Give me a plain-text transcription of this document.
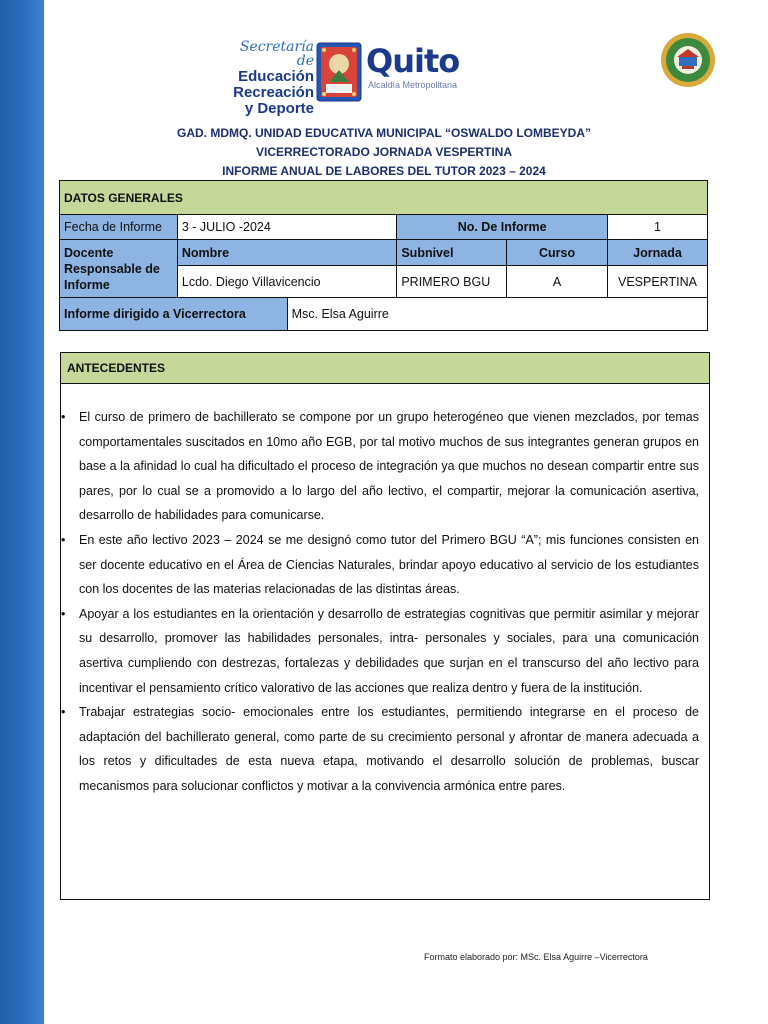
Secretaría de
Educación
Recreación
y Deporte
Quito
Alcaldía Metropolitana
GAD. MDMQ. UNIDAD EDUCATIVA MUNICIPAL “OSWALDO LOMBEYDA”
VICERRECTORADO JORNADA VESPERTINA
INFORME ANUAL DE LABORES DEL TUTOR 2023 – 2024
DATOS GENERALES					
Fecha de Informe	3 - JULIO -2024		No. De Informe		1
Docente Responsable de Informe	Nombre		Subnivel	Curso	Jornada
	Lcdo. Diego Villavicencio		PRIMERO BGU	A	VESPERTINA
Informe dirigido a Vicerrectora		Msc. Elsa Aguirre			
ANTECEDENTES

• El curso de primero de bachillerato se compone por un grupo heterogéneo que vienen mezclados, por temas comportamentales suscitados en 10mo año EGB, por tal motivo muchos de sus integrantes generan grupos en base a la afinidad lo cual ha dificultado el proceso de integración ya que muchos no desean compartir entre sus pares, por lo cual se a promovido a lo largo del año lectivo, el compartir, mejorar la comunicación asertiva, desarrollo de habilidades para comunicarse.

• En este año lectivo 2023 – 2024 se me designó como tutor del Primero BGU “A”; mis funciones consisten en ser docente educativo en el Área de Ciencias Naturales, brindar apoyo educativo al servicio de los estudiantes con los docentes de las materias relacionadas de las distintas áreas.

• Apoyar a los estudiantes en la orientación y desarrollo de estrategias cognitivas que permitir asimilar y mejorar su desarrollo, promover las habilidades personales, intra- personales y sociales, para una comunicación asertiva cumpliendo con destrezas, fortalezas y debilidades que surjan en el transcurso del año lectivo para incentivar el pensamiento crítico valorativo de las acciones que realiza dentro y fuera de la institución.

• Trabajar estrategias socio- emocionales entre los estudiantes, permitiendo integrarse en el proceso de adaptación del bachillerato general, como parte de su crecimiento personal y afrontar de manera adecuada a los retos y dificultades de esta nueva etapa, motivando el desarrollo solución de problemas, buscar mecanismos para solucionar conflictos y motivar a la convivencia armónica entre pares.

Formato elaborado por: MSc. Elsa Aguirre –Vicerrectora
